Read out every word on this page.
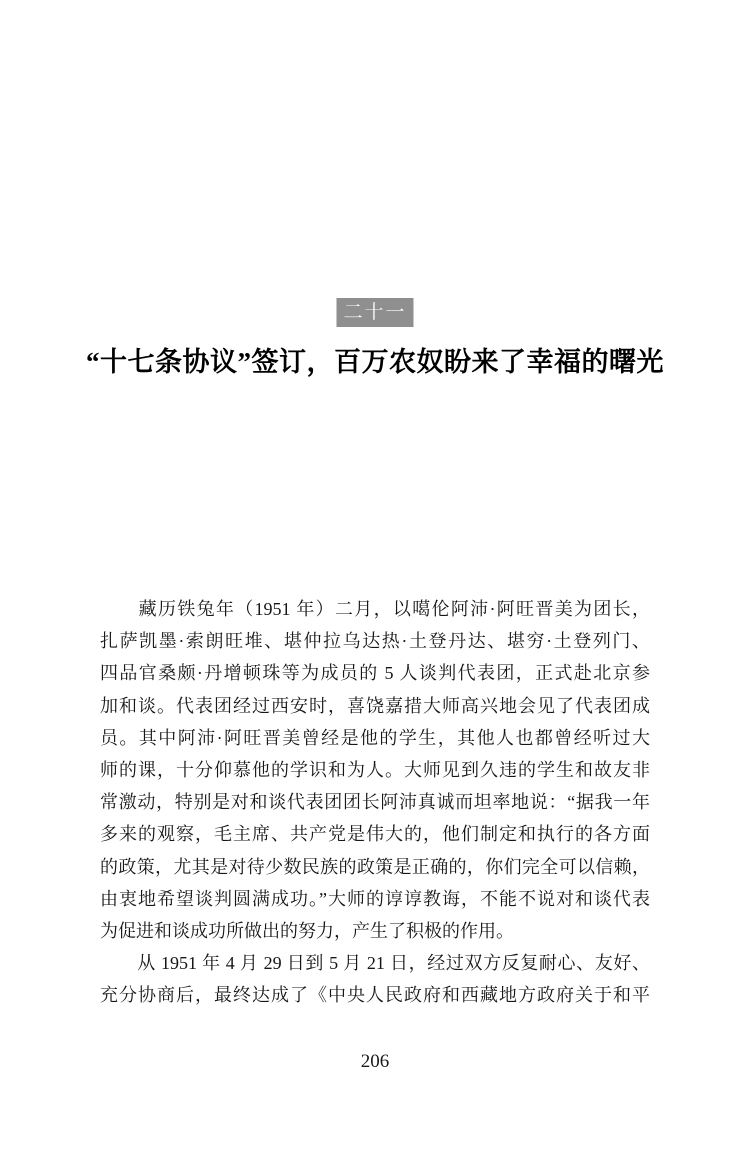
二十一
“十七条协议”签订，百万农奴盼来了幸福的曙光
　　藏历铁兔年（1951 年）二月，以噶伦阿沛·阿旺晋美为团长，
扎萨凯墨·索朗旺堆、堪仲拉乌达热·土登丹达、堪穷·土登列门、
四品官桑颇·丹增顿珠等为成员的 5 人谈判代表团，正式赴北京参
加和谈。代表团经过西安时，喜饶嘉措大师高兴地会见了代表团成
员。其中阿沛·阿旺晋美曾经是他的学生，其他人也都曾经听过大
师的课，十分仰慕他的学识和为人。大师见到久违的学生和故友非
常激动，特别是对和谈代表团团长阿沛真诚而坦率地说：“据我一年
多来的观察，毛主席、共产党是伟大的，他们制定和执行的各方面
的政策，尤其是对待少数民族的政策是正确的，你们完全可以信赖，
由衷地希望谈判圆满成功。”大师的谆谆教诲，不能不说对和谈代表
为促进和谈成功所做出的努力，产生了积极的作用。
　　从 1951 年 4 月 29 日到 5 月 21 日，经过双方反复耐心、友好、
充分协商后，最终达成了《中央人民政府和西藏地方政府关于和平
206
